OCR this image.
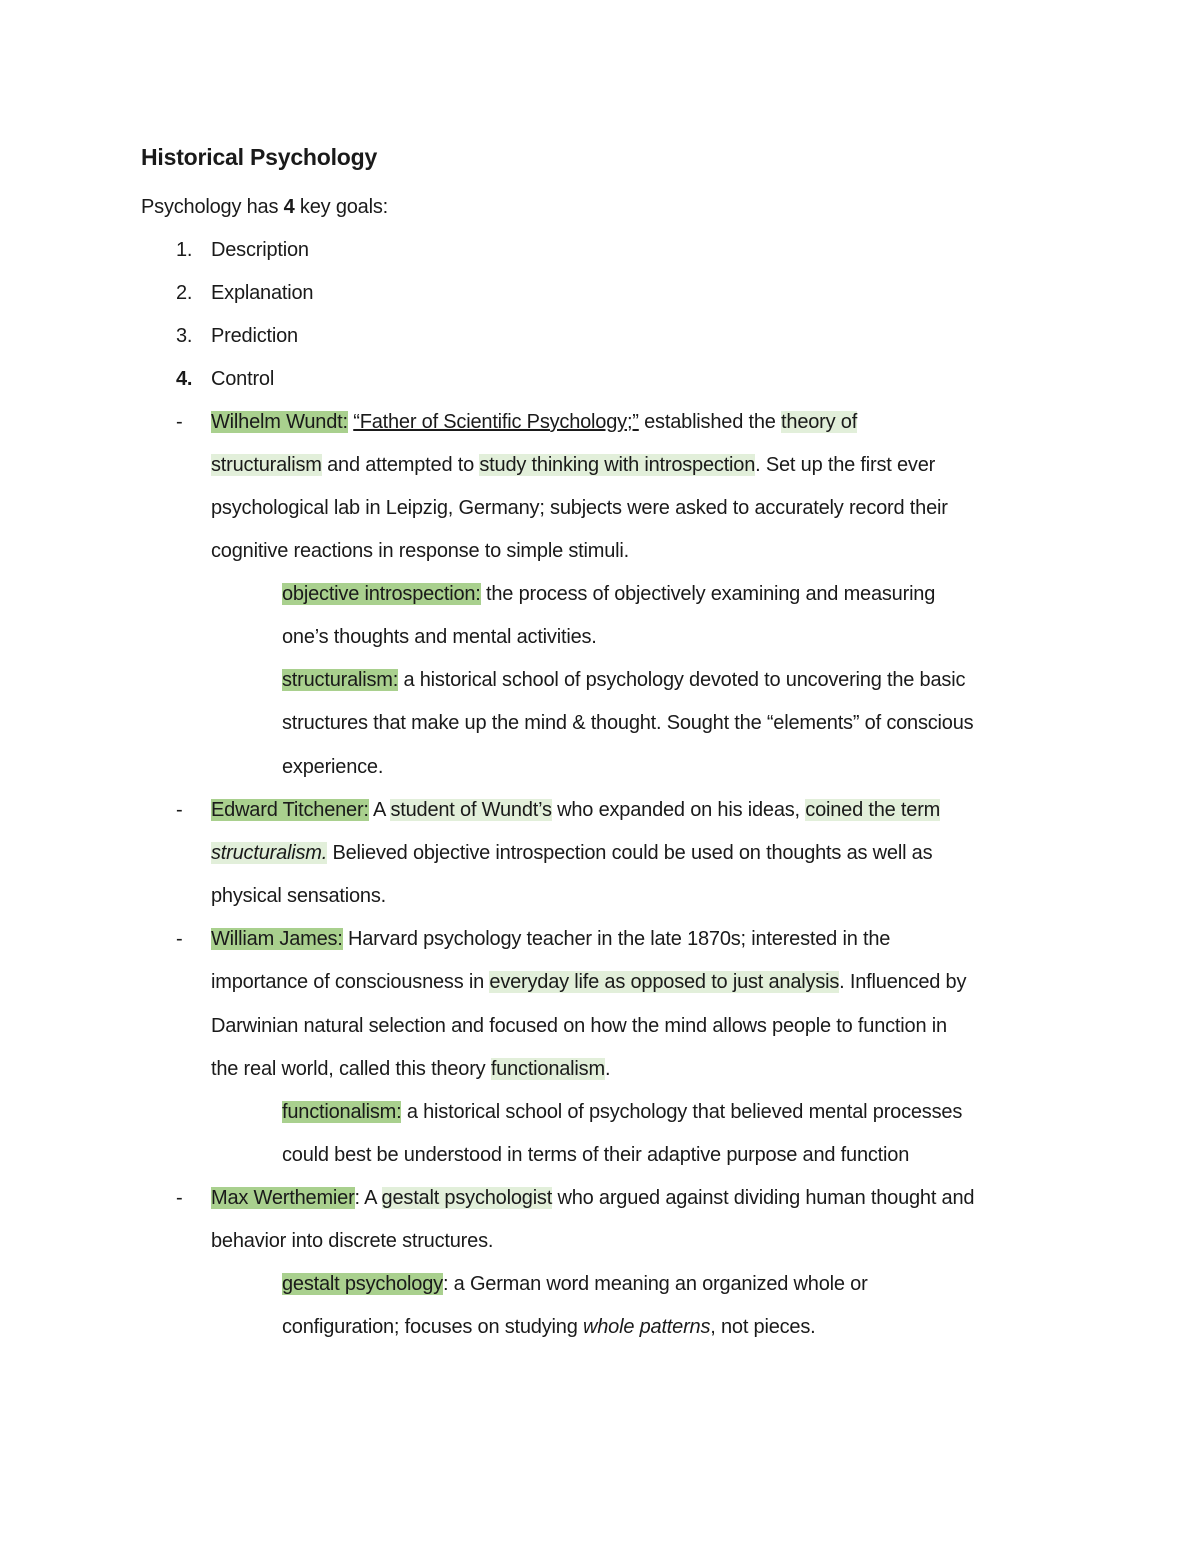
Historical Psychology
Psychology has 4 key goals:
1. Description
2. Explanation
3. Prediction
4. Control
- Wilhelm Wundt: “Father of Scientific Psychology;” established the theory of
structuralism and attempted to study thinking with introspection. Set up the first ever
psychological lab in Leipzig, Germany; subjects were asked to accurately record their
cognitive reactions in response to simple stimuli.
objective introspection: the process of objectively examining and measuring
one’s thoughts and mental activities.
structuralism: a historical school of psychology devoted to uncovering the basic
structures that make up the mind & thought. Sought the “elements” of conscious
experience.
- Edward Titchener: A student of Wundt’s who expanded on his ideas, coined the term
structuralism. Believed objective introspection could be used on thoughts as well as
physical sensations.
- William James: Harvard psychology teacher in the late 1870s; interested in the
importance of consciousness in everyday life as opposed to just analysis. Influenced by
Darwinian natural selection and focused on how the mind allows people to function in
the real world, called this theory functionalism.
functionalism: a historical school of psychology that believed mental processes
could best be understood in terms of their adaptive purpose and function
- Max Werthemier: A gestalt psychologist who argued against dividing human thought and
behavior into discrete structures.
gestalt psychology: a German word meaning an organized whole or
configuration; focuses on studying whole patterns, not pieces.
